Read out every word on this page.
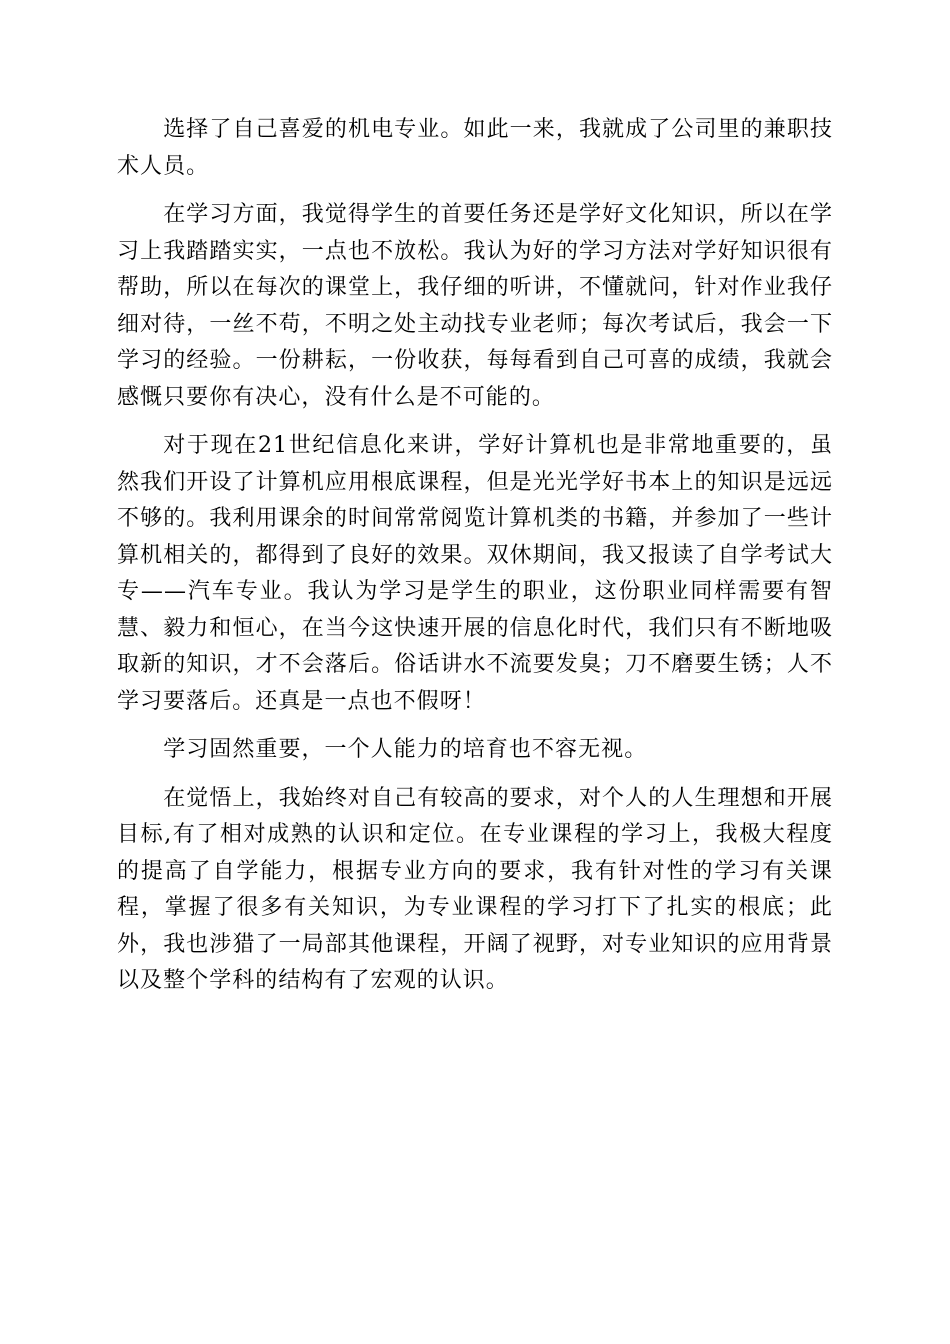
选择了自己喜爱的机电专业。如此一来，我就成了公司里的兼职技术人员。

在学习方面，我觉得学生的首要任务还是学好文化知识，所以在学习上我踏踏实实，一点也不放松。我认为好的学习方法对学好知识很有帮助，所以在每次的课堂上，我仔细的听讲，不懂就问，针对作业我仔细对待，一丝不苟，不明之处主动找专业老师；每次考试后，我会一下学习的经验。一份耕耘，一份收获，每每看到自己可喜的成绩，我就会感慨只要你有决心，没有什么是不可能的。

对于现在21世纪信息化来讲，学好计算机也是非常地重要的，虽然我们开设了计算机应用根底课程，但是光光学好书本上的知识是远远不够的。我利用课余的时间常常阅览计算机类的书籍，并参加了一些计算机相关的，都得到了良好的效果。双休期间，我又报读了自学考试大专——汽车专业。我认为学习是学生的职业，这份职业同样需要有智慧、毅力和恒心，在当今这快速开展的信息化时代，我们只有不断地吸取新的知识，才不会落后。俗话讲水不流要发臭；刀不磨要生锈；人不学习要落后。还真是一点也不假呀！

学习固然重要，一个人能力的培育也不容无视。

在觉悟上，我始终对自己有较高的要求，对个人的人生理想和开展目标,有了相对成熟的认识和定位。在专业课程的学习上，我极大程度的提高了自学能力，根据专业方向的要求，我有针对性的学习有关课程，掌握了很多有关知识，为专业课程的学习打下了扎实的根底；此外，我也涉猎了一局部其他课程，开阔了视野，对专业知识的应用背景以及整个学科的结构有了宏观的认识。
